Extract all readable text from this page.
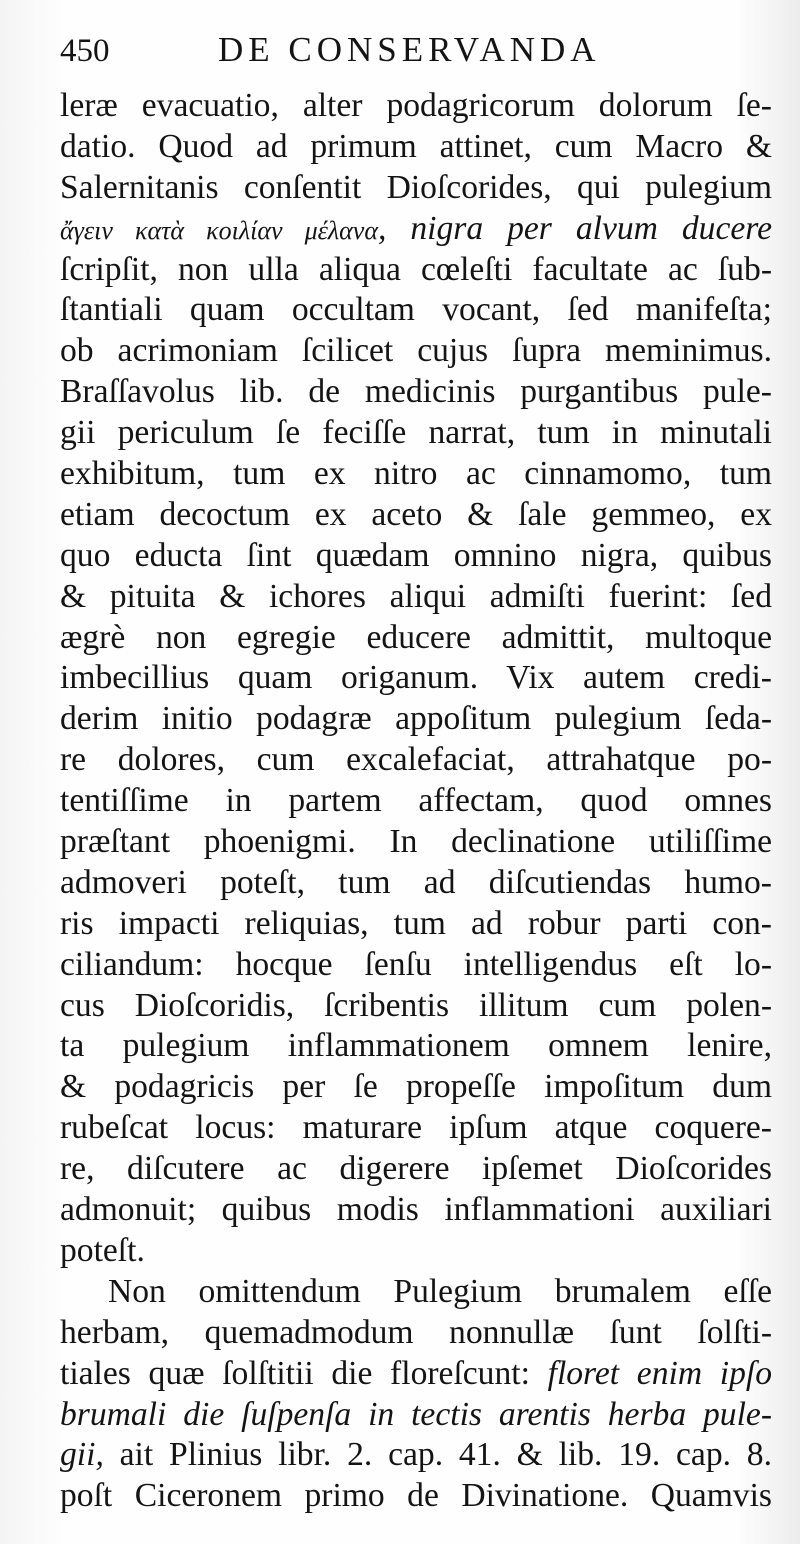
450	DE CONSERVANDA
leræ evacuatio, alter podagricorum dolorum ſe-
datio. Quod ad primum attinet, cum Macro &
Salernitanis conſentit Dioſcorides, qui pulegium
ἄγειν κατὰ κοιλίαν μέλανα, nigra per alvum ducere
ſcripſit, non ulla aliqua cœleſti facultate ac ſub-
ſtantiali quam occultam vocant, ſed manifeſta;
ob acrimoniam ſcilicet cujus ſupra meminimus.
Braſſavolus lib. de medicinis purgantibus pule-
gii periculum ſe feciſſe narrat, tum in minutali
exhibitum, tum ex nitro ac cinnamomo, tum
etiam decoctum ex aceto & ſale gemmeo, ex
quo educta ſint quædam omnino nigra, quibus
& pituita & ichores aliqui admiſti fuerint: ſed
ægrè non egregie educere admittit, multoque
imbecillius quam origanum. Vix autem credi-
derim initio podagræ appoſitum pulegium ſeda-
re dolores, cum excalefaciat, attrahatque po-
tentiſſime in partem affectam, quod omnes
præſtant phoenigmi. In declinatione utiliſſime
admoveri poteſt, tum ad diſcutiendas humo-
ris impacti reliquias, tum ad robur parti con-
ciliandum: hocque ſenſu intelligendus eſt lo-
cus Dioſcoridis, ſcribentis illitum cum polen-
ta pulegium inflammationem omnem lenire,
& podagricis per ſe propeſſe impoſitum dum
rubeſcat locus: maturare ipſum atque coquere-
re, diſcutere ac digerere ipſemet Dioſcorides
admonuit; quibus modis inflammationi auxiliari
poteſt.
Non omittendum Pulegium brumalem eſſe
herbam, quemadmodum nonnullæ ſunt ſolſti-
tiales quæ ſolſtitii die floreſcunt: floret enim ipſo
brumali die ſuſpenſa in tectis arentis herba pule-
gii, ait Plinius libr. 2. cap. 41. & lib. 19. cap. 8.
poſt Ciceronem primo de Divinatione. Quamvis
